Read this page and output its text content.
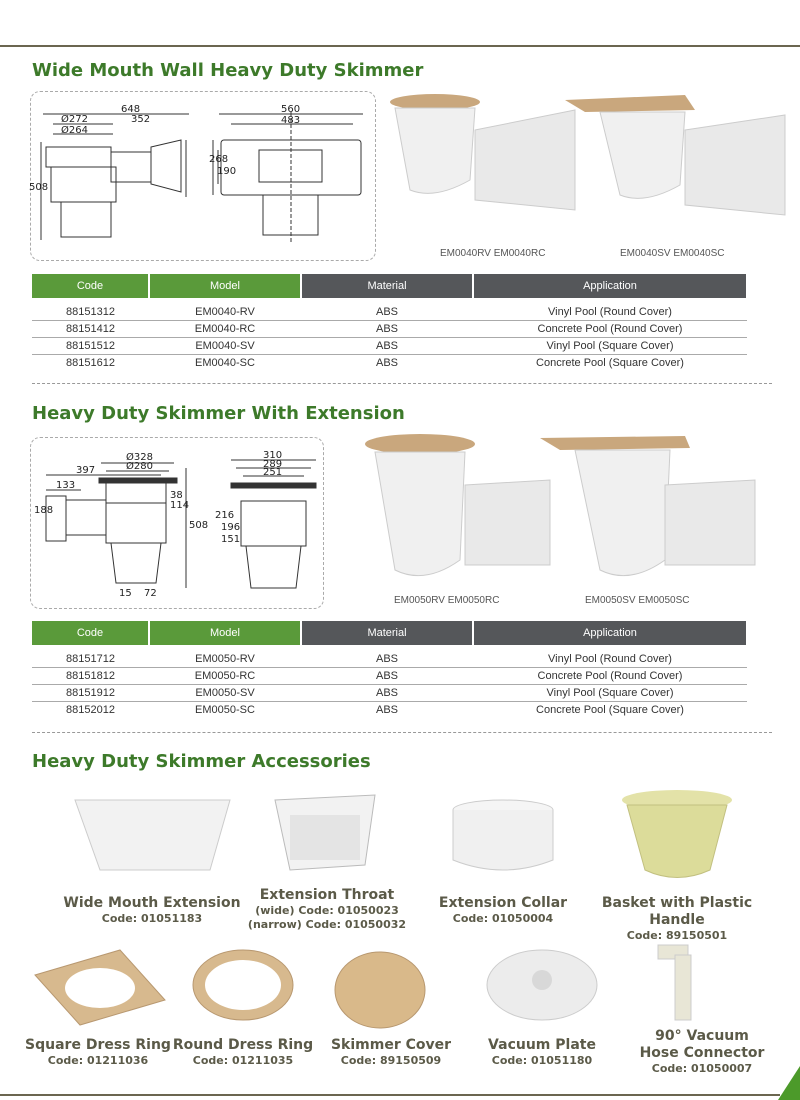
Wide Mouth Wall Heavy Duty Skimmer
648
Ø272	352
Ø264
508
560
483
268
190
EM0040RV EM0040RC	EM0040SV EM0040SC
Code	Model	Material	Application
88151312	EM0040-RV	ABS	Vinyl Pool (Round Cover)
88151412	EM0040-RC	ABS	Concrete Pool (Round Cover)
88151512	EM0040-SV	ABS	Vinyl Pool (Square Cover)
88151612	EM0040-SC	ABS	Concrete Pool (Square Cover)
Heavy Duty Skimmer With Extension
Ø328
Ø280
397
133
188
38
114
508
15 72
310
289
251
216
196
151
EM0050RV EM0050RC	EM0050SV EM0050SC
Code	Model	Material	Application
88151712	EM0050-RV	ABS	Vinyl Pool (Round Cover)
88151812	EM0050-RC	ABS	Concrete Pool (Round Cover)
88151912	EM0050-SV	ABS	Vinyl Pool (Square Cover)
88152012	EM0050-SC	ABS	Concrete Pool (Square Cover)
Heavy Duty Skimmer Accessories
Wide Mouth Extension
Code: 01051183
Extension Throat
(wide) Code: 01050023
(narrow) Code: 01050032
Extension Collar
Code: 01050004
Basket with Plastic Handle
Code: 89150501
Square Dress Ring
Code: 01211036
Round Dress Ring
Code: 01211035
Skimmer Cover
Code: 89150509
Vacuum Plate
Code: 01051180
90° Vacuum
Hose Connector
Code: 01050007
